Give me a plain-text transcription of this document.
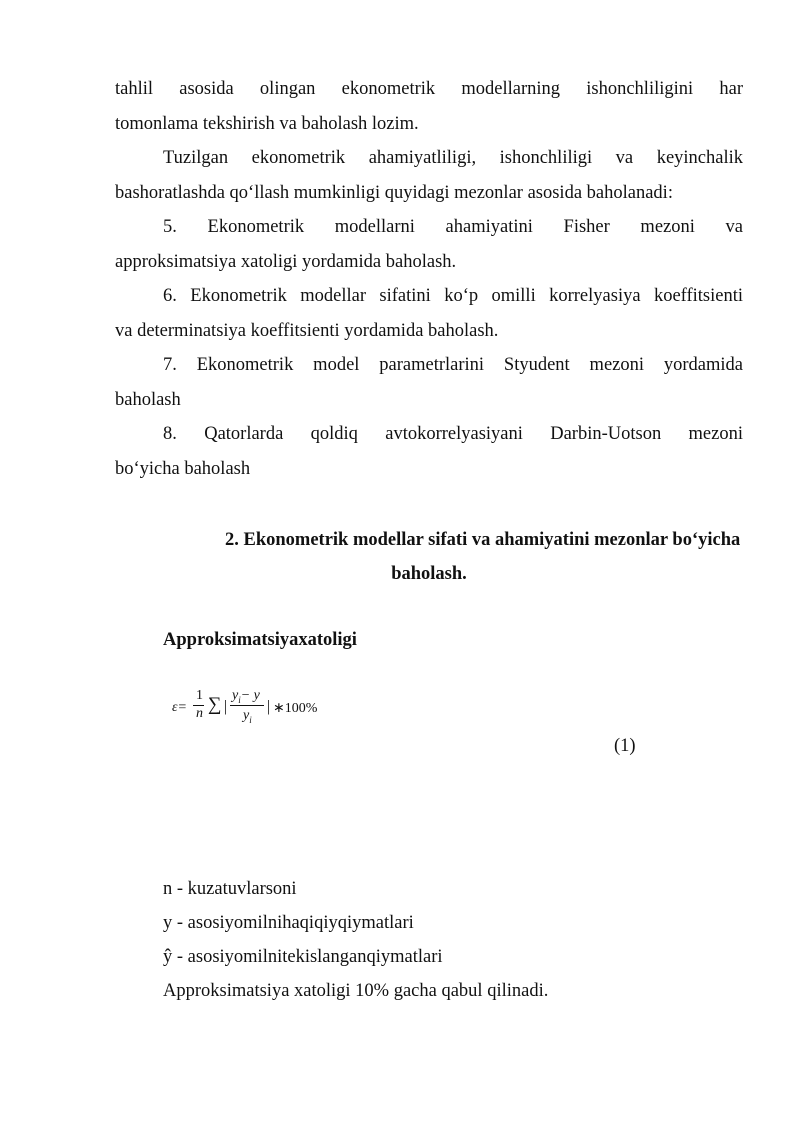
tahlil asosida olingan ekonometrik modellarning ishonchliligini har
tomonlama tekshirish va baholash lozim.
Tuzilgan ekonometrik ahamiyatliligi, ishonchliligi va keyinchalik
bashoratlashda qo‘llash mumkinligi quyidagi mezonlar asosida baholanadi:
5. Ekonometrik modellarni ahamiyatini Fisher mezoni va
approksimatsiya xatoligi yordamida baholash.
6. Ekonometrik modellar sifatini ko‘p omilli korrelyasiya koeffitsienti
va determinatsiya koeffitsienti yordamida baholash.
7. Ekonometrik model parametrlarini Styudent mezoni yordamida
baholash
8. Qatorlarda qoldiq avtokorrelyasiyani Darbin-Uotson mezoni
bo‘yicha baholash
2. Ekonometrik modellar sifati va ahamiyatini mezonlar bo‘yicha
baholash.
Approksimatsiyaxatoligi
ε=
1
n ∑ |
$y_i- y$
$y_i$
| ∗100%
(1)
n - kuzatuvlarsoni
y - asosiyomilnihaqiqiyqiymatlari
ŷ - asosiyomilnitekislanganqiymatlari
Approksimatsiya xatoligi 10% gacha qabul qilinadi.
